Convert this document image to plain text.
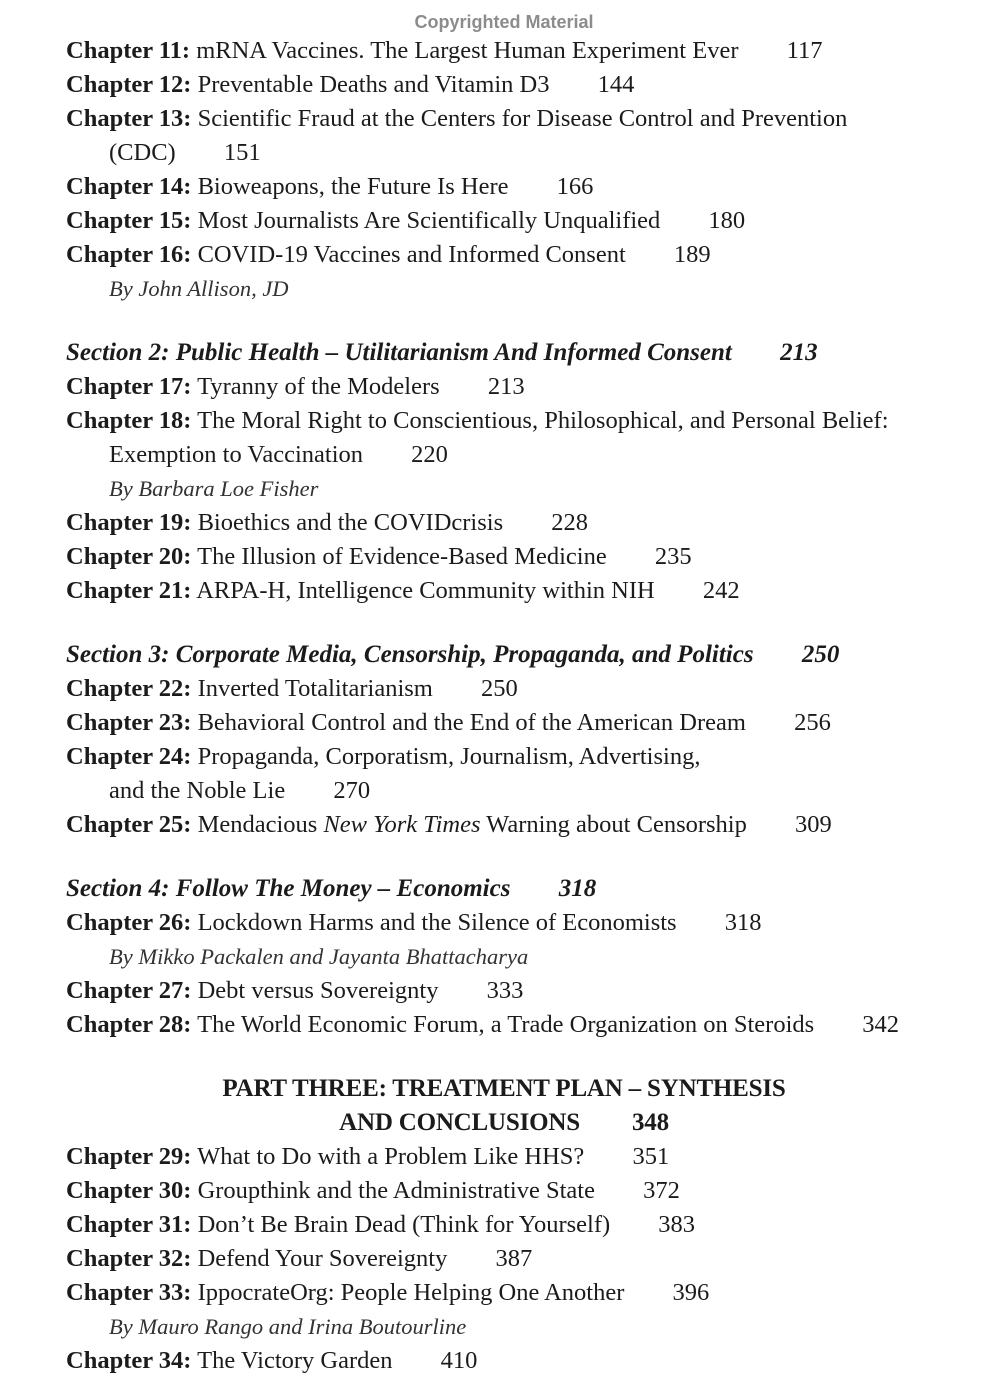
Copyrighted Material
Chapter 11: mRNA Vaccines. The Largest Human Experiment Ever 117
Chapter 12: Preventable Deaths and Vitamin D3 144
Chapter 13: Scientific Fraud at the Centers for Disease Control and Prevention
(CDC) 151
Chapter 14: Bioweapons, the Future Is Here 166
Chapter 15: Most Journalists Are Scientifically Unqualified 180
Chapter 16: COVID-19 Vaccines and Informed Consent 189
By John Allison, JD
Section 2: Public Health – Utilitarianism And Informed Consent 213
Chapter 17: Tyranny of the Modelers 213
Chapter 18: The Moral Right to Conscientious, Philosophical, and Personal Belief:
Exemption to Vaccination 220
By Barbara Loe Fisher
Chapter 19: Bioethics and the COVIDcrisis 228
Chapter 20: The Illusion of Evidence-Based Medicine 235
Chapter 21: ARPA-H, Intelligence Community within NIH 242
Section 3: Corporate Media, Censorship, Propaganda, and Politics 250
Chapter 22: Inverted Totalitarianism 250
Chapter 23: Behavioral Control and the End of the American Dream 256
Chapter 24: Propaganda, Corporatism, Journalism, Advertising,
and the Noble Lie 270
Chapter 25: Mendacious New York Times Warning about Censorship 309
Section 4: Follow The Money – Economics 318
Chapter 26: Lockdown Harms and the Silence of Economists 318
By Mikko Packalen and Jayanta Bhattacharya
Chapter 27: Debt versus Sovereignty 333
Chapter 28: The World Economic Forum, a Trade Organization on Steroids 342
PART THREE: TREATMENT PLAN – SYNTHESIS
AND CONCLUSIONS 348
Chapter 29: What to Do with a Problem Like HHS? 351
Chapter 30: Groupthink and the Administrative State 372
Chapter 31: Don’t Be Brain Dead (Think for Yourself) 383
Chapter 32: Defend Your Sovereignty 387
Chapter 33: IppocrateOrg: People Helping One Another 396
By Mauro Rango and Irina Boutourline
Chapter 34: The Victory Garden 410
